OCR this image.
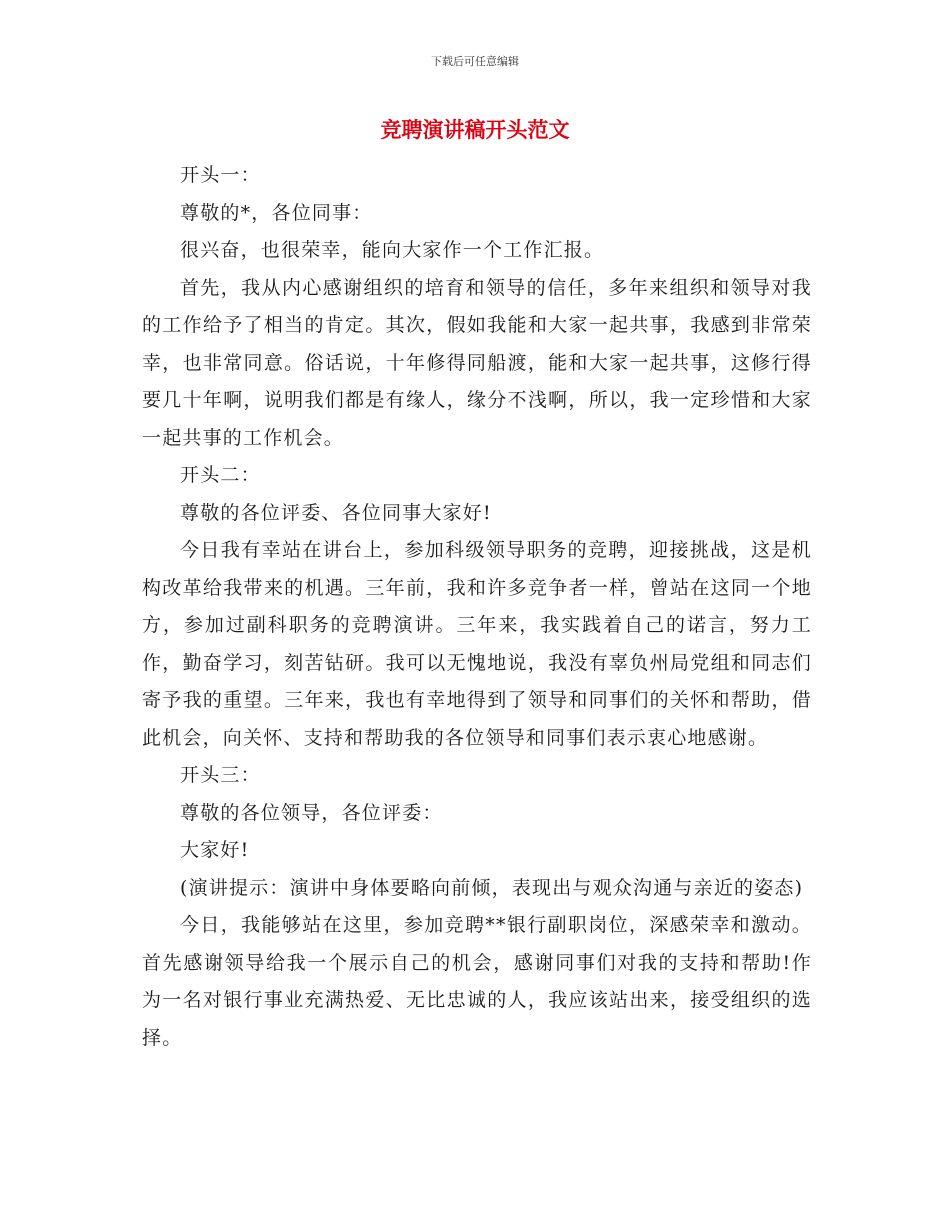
下载后可任意编辑
竞聘演讲稿开头范文

开头一：

尊敬的*，各位同事：

很兴奋，也很荣幸，能向大家作一个工作汇报。

首先，我从内心感谢组织的培育和领导的信任，多年来组织和领导对我的工作给予了相当的肯定。其次，假如我能和大家一起共事，我感到非常荣幸，也非常同意。俗话说，十年修得同船渡，能和大家一起共事，这修行得要几十年啊，说明我们都是有缘人，缘分不浅啊，所以，我一定珍惜和大家一起共事的工作机会。

开头二：

尊敬的各位评委、各位同事大家好!

今日我有幸站在讲台上，参加科级领导职务的竞聘，迎接挑战，这是机构改革给我带来的机遇。三年前，我和许多竞争者一样，曾站在这同一个地方，参加过副科职务的竞聘演讲。三年来，我实践着自己的诺言，努力工作，勤奋学习，刻苦钻研。我可以无愧地说，我没有辜负州局党组和同志们寄予我的重望。三年来，我也有幸地得到了领导和同事们的关怀和帮助，借此机会，向关怀、支持和帮助我的各位领导和同事们表示衷心地感谢。

开头三：

尊敬的各位领导，各位评委：

大家好!

(演讲提示：演讲中身体要略向前倾，表现出与观众沟通与亲近的姿态)

今日，我能够站在这里，参加竞聘**银行副职岗位，深感荣幸和激动。首先感谢领导给我一个展示自己的机会，感谢同事们对我的支持和帮助!作为一名对银行事业充满热爱、无比忠诚的人，我应该站出来，接受组织的选择。
